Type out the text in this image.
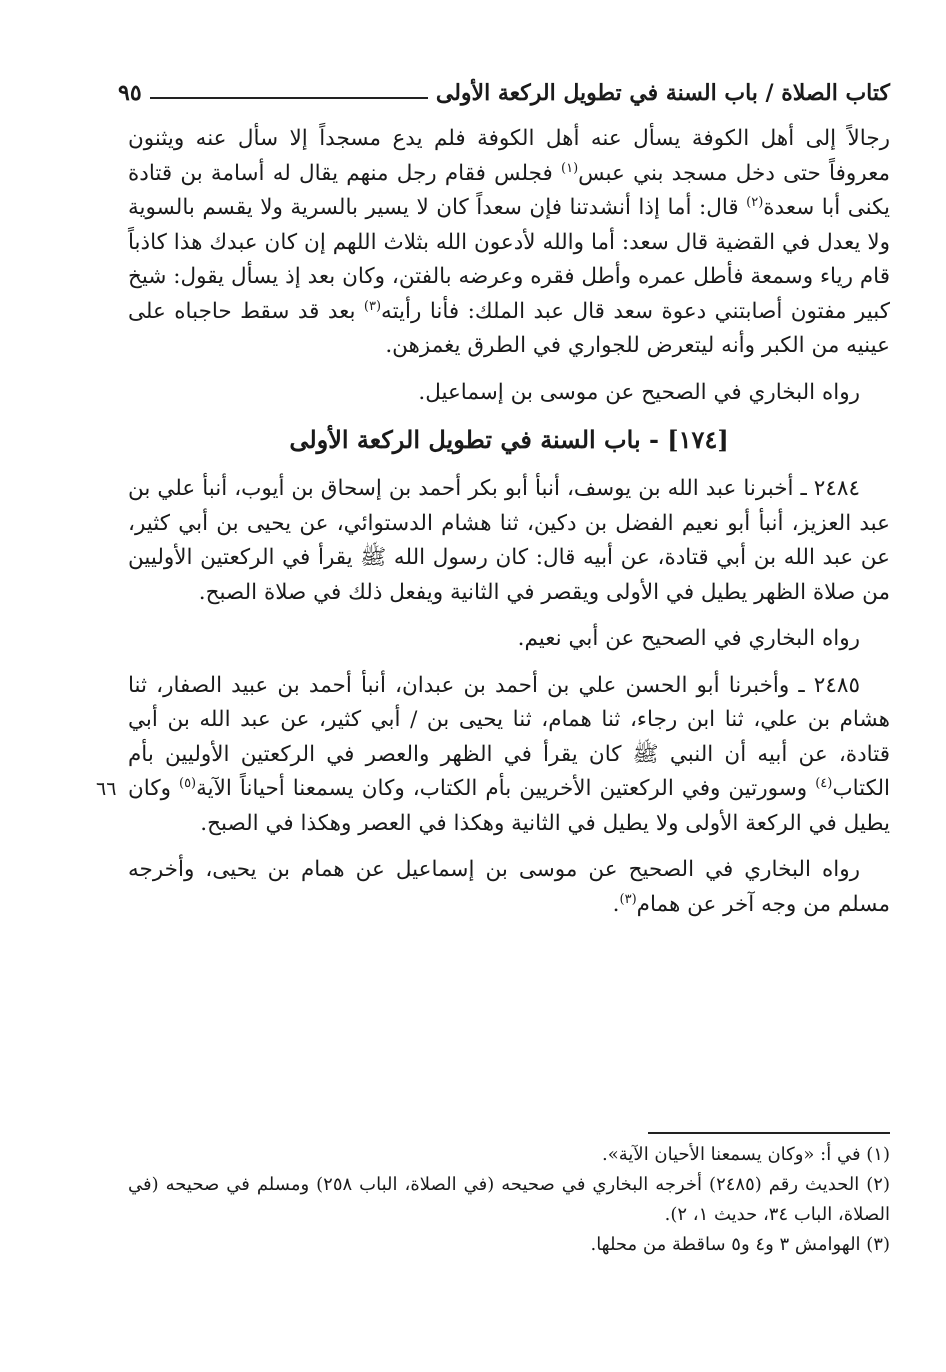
كتاب الصلاة / باب السنة في تطويل الركعة الأولى
٩٥

رجالاً إلى أهل الكوفة يسأل عنه أهل الكوفة فلم يدع مسجداً إلا سأل عنه ويثنون معروفاً حتى دخل مسجد بني عبس$^{(١)}$ فجلس فقام رجل منهم يقال له أسامة بن قتادة يكنى أبا سعدة$^{(٢)}$ قال: أما إذا أنشدتنا فإن سعداً كان لا يسير بالسرية ولا يقسم بالسوية ولا يعدل في القضية قال سعد: أما والله لأدعون الله بثلاث اللهم إن كان عبدك هذا كاذباً قام رياء وسمعة فأطل عمره وأطل فقره وعرضه بالفتن، وكان بعد إذ يسأل يقول: شيخ كبير مفتون أصابتني دعوة سعد قال عبد الملك: فأنا رأيته$^{(٣)}$ بعد قد سقط حاجباه على عينيه من الكبر وأنه ليتعرض للجواري في الطرق يغمزهن.

رواه البخاري في الصحيح عن موسى بن إسماعيل.

[١٧٤] - باب السنة في تطويل الركعة الأولى

٢٤٨٤ ـ أخبرنا عبد الله بن يوسف، أنبأ أبو بكر أحمد بن إسحاق بن أيوب، أنبأ علي بن عبد العزيز، أنبأ أبو نعيم الفضل بن دكين، ثنا هشام الدستوائي، عن يحيى بن أبي كثير، عن عبد الله بن أبي قتادة، عن أبيه قال: كان رسول الله ﷺ يقرأ في الركعتين الأوليين من صلاة الظهر يطيل في الأولى ويقصر في الثانية ويفعل ذلك في صلاة الصبح.

رواه البخاري في الصحيح عن أبي نعيم.

٢٤٨٥ ـ وأخبرنا أبو الحسن علي بن أحمد بن عبدان، أنبأ أحمد بن عبيد الصفار، ثنا هشام بن علي، ثنا ابن رجاء، ثنا همام، ثنا يحيى بن / أبي كثير، عن عبد الله بن أبي قتادة، عن أبيه أن النبي ﷺ كان يقرأ في الظهر والعصر في الركعتين الأوليين بأم الكتاب$^{(٤)}$ وسورتين وفي الركعتين الأخريين بأم الكتاب، وكان يسمعنا أحياناً الآية$^{(٥)}$ وكان يطيل في الركعة الأولى ولا يطيل في الثانية وهكذا في العصر وهكذا في الصبح.

رواه البخاري في الصحيح عن موسى بن إسماعيل عن همام بن يحيى، وأخرجه مسلم من وجه آخر عن همام$^{(٣)}$.

٦٦

(١) في أ: «وكان يسمعنا الأحيان الآية».

(٢) الحديث رقم (٢٤٨٥) أخرجه البخاري في صحيحه (في الصلاة، الباب ٢٥٨) ومسلم في صحيحه (في الصلاة، الباب ٣٤، حديث ١، ٢).

(٣) الهوامش ٣ و٤ و٥ ساقطة من محلها.
